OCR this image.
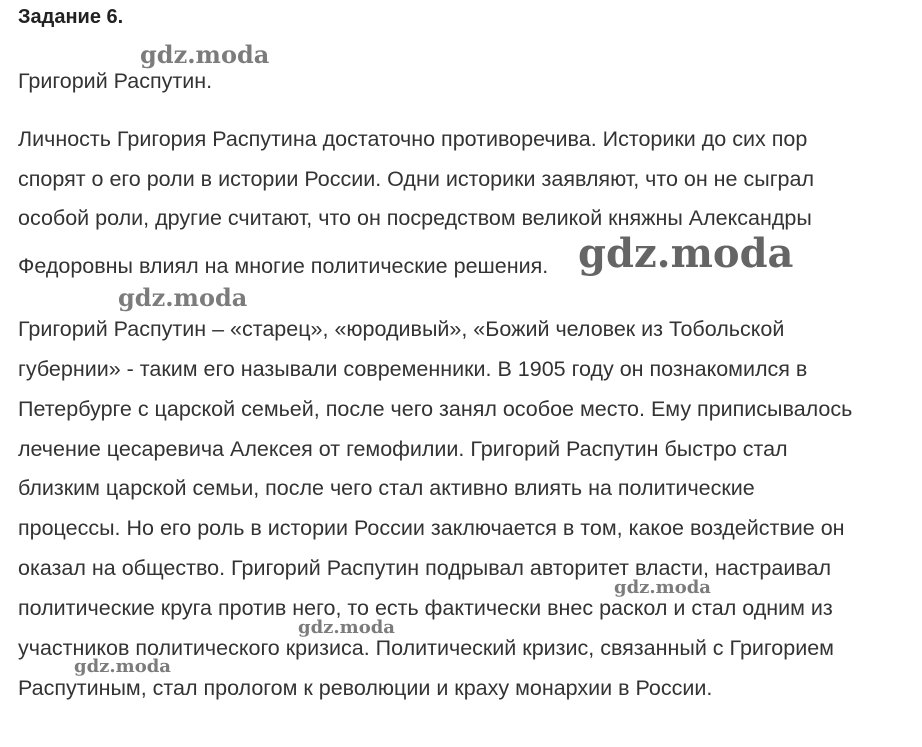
Задание 6.

Григорий Распутин.

Личность Григория Распутина достаточно противоречива. Историки до сих пор

спорят о его роли в истории России. Одни историки заявляют, что он не сыграл

особой роли, другие считают, что он посредством великой княжны Александры

Федоровны влиял на многие политические решения.

Григорий Распутин – «старец», «юродивый», «Божий человек из Тобольской

губернии» - таким его называли современники. В 1905 году он познакомился в

Петербурге с царской семьей, после чего занял особое место. Ему приписывалось

лечение цесаревича Алексея от гемофилии. Григорий Распутин быстро стал

близким царской семьи, после чего стал активно влиять на политические

процессы. Но его роль в истории России заключается в том, какое воздействие он

оказал на общество. Григорий Распутин подрывал авторитет власти, настраивал

политические круга против него, то есть фактически внес раскол и стал одним из

участников политического кризиса. Политический кризис, связанный с Григорием

Распутиным, стал прологом к революции и краху монархии в России.

gdz.moda
gdz.moda
gdz.moda
gdz.moda
gdz.moda
gdz.moda
